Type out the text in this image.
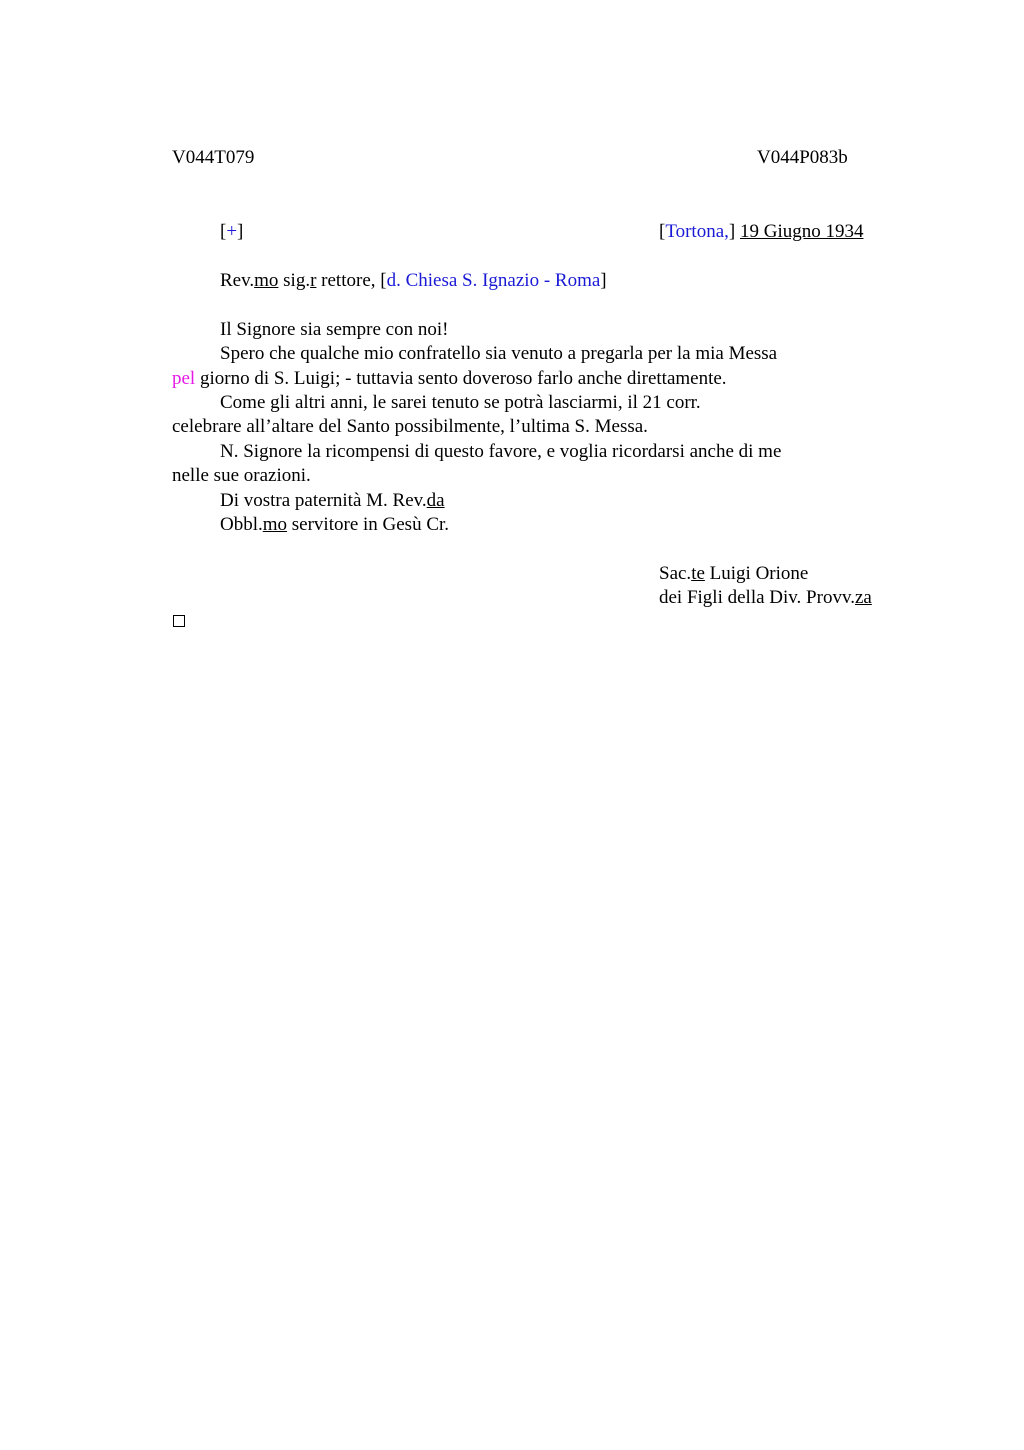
V044T079	V044P083b
[+]	[Tortona,] 19 Giugno 1934
Rev.mo sig.r rettore, [d. Chiesa S. Ignazio - Roma]
Il Signore sia sempre con noi!
Spero che qualche mio confratello sia venuto a pregarla per la mia Messa
pel giorno di S. Luigi; - tuttavia sento doveroso farlo anche direttamente.
Come gli altri anni, le sarei tenuto se potrà lasciarmi, il 21 corr.
celebrare all’altare del Santo possibilmente, l’ultima S. Messa.
N. Signore la ricompensi di questo favore, e voglia ricordarsi anche di me
nelle sue orazioni.
Di vostra paternità M. Rev.da
Obbl.mo servitore in Gesù Cr.
Sac.te Luigi Orione
dei Figli della Div. Provv.za
